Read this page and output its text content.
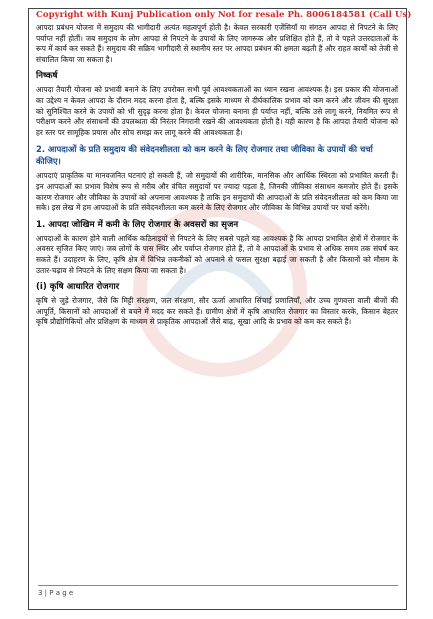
Copyright with Kunj Publication only Not for resale Ph. 8006184581 (Call Us)

आपदा प्रबंधन योजना में समुदाय की भागीदारी अत्यंत महत्वपूर्ण होती है। केवल सरकारी एजेंसियाँ या संगठन आपदा से निपटने के लिए पर्याप्त नहीं होतीं। जब समुदाय के लोग आपदा से निपटने के उपायों के लिए जागरूक और प्रशिक्षित होते हैं, तो वे पहले उत्तरदाताओं के रूप में कार्य कर सकते हैं। समुदाय की सक्रिय भागीदारी से स्थानीय स्तर पर आपदा प्रबंधन की क्षमता बढ़ती है और राहत कार्यों को तेजी से संचालित किया जा सकता है।

निष्कर्ष

आपदा तैयारी योजना को प्रभावी बनाने के लिए उपरोक्त सभी पूर्व आवश्यकताओं का ध्यान रखना आवश्यक है। इस प्रकार की योजनाओं का उद्देश्य न केवल आपदा के दौरान मदद करना होता है, बल्कि इसके माध्यम से दीर्घकालिक प्रभाव को कम करने और जीवन की सुरक्षा को सुनिश्चित करने के उपायों को भी सुदृढ़ करना होता है। केवल योजना बनाना ही पर्याप्त नहीं, बल्कि उसे लागू करने, नियमित रूप से परीक्षण करने और संसाधनों की उपलब्धता की निरंतर निगरानी रखने की आवश्यकता होती है। यही कारण है कि आपदा तैयारी योजना को हर स्तर पर सामूहिक प्रयास और सोच समझ कर लागू करने की आवश्यकता है।

2. आपदाओं के प्रति समुदाय की संवेदनशीलता को कम करने के लिए रोजगार तथा जीविका के उपायों की चर्चा कीजिए।

आपदाएं प्राकृतिक या मानवजनित घटनाएं हो सकती हैं, जो समुदायों की शारीरिक, मानसिक और आर्थिक स्थिरता को प्रभावित करती हैं। इन आपदाओं का प्रभाव विशेष रूप से गरीब और वंचित समुदायों पर ज्यादा पड़ता है, जिनकी जीविका संसाधन कमजोर होते हैं। इसके कारण रोजगार और जीविका के उपायों को अपनाना आवश्यक है ताकि इन समुदायों की आपदाओं के प्रति संवेदनशीलता को कम किया जा सके। इस लेख में हम आपदाओं के प्रति संवेदनशीलता कम करने के लिए रोजगार और जीविका के विभिन्न उपायों पर चर्चा करेंगे।

1. आपदा जोखिम में कमी के लिए रोजगार के अवसरों का सृजन

आपदाओं के कारण होने वाली आर्थिक कठिनाइयों से निपटने के लिए सबसे पहले यह आवश्यक है कि आपदा प्रभावित क्षेत्रों में रोजगार के अवसर सृजित किए जाएं। जब लोगों के पास स्थिर और पर्याप्त रोजगार होते हैं, तो वे आपदाओं के प्रभाव से अधिक समय तक संघर्ष कर सकते हैं। उदाहरण के लिए, कृषि क्षेत्र में विभिन्न तकनीकों को अपनाने से फसल सुरक्षा बढ़ाई जा सकती है और किसानों को मौसम के उतार-चढ़ाव से निपटने के लिए सक्षम किया जा सकता है।

(i) कृषि आधारित रोजगार

कृषि से जुड़े रोजगार, जैसे कि मिट्टी संरक्षण, जल संरक्षण, सौर ऊर्जा आधारित सिंचाई प्रणालियाँ, और उच्च गुणवत्ता वाली बीजों की आपूर्ति, किसानों को आपदाओं से बचने में मदद कर सकते हैं। ग्रामीण क्षेत्रों में कृषि आधारित रोजगार का विस्तार करके, किसान बेहतर कृषि प्रौद्योगिकियों और प्रशिक्षण के माध्यम से प्राकृतिक आपदाओं जैसे बाढ़, सूखा आदि के प्रभाव को कम कर सकते हैं।

3 | P a g e
